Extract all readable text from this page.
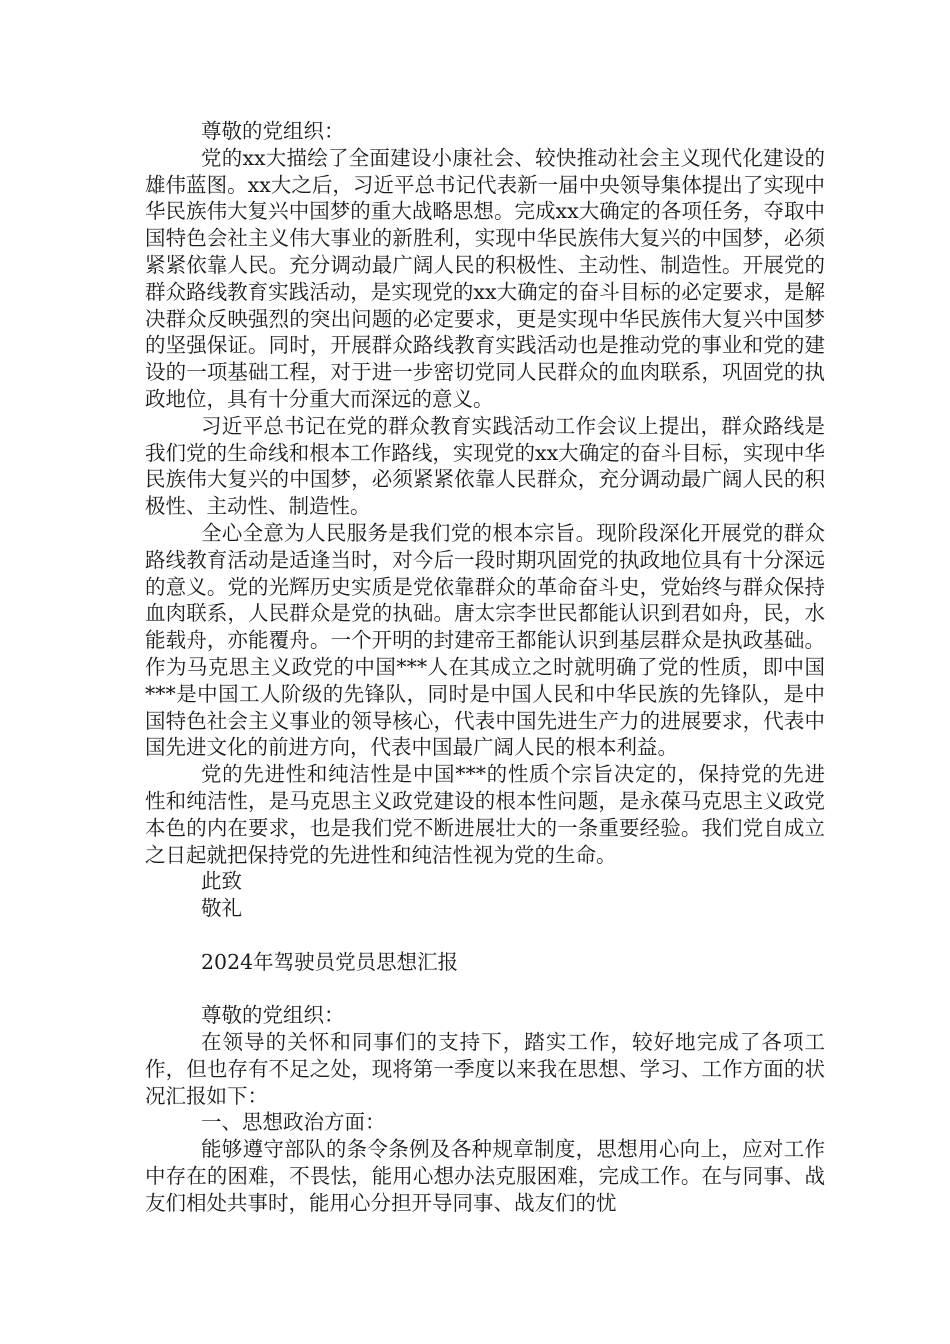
尊敬的党组织：

党的xx大描绘了全面建设小康社会、较快推动社会主义现代化建设的雄伟蓝图。xx大之后，习近平总书记代表新一届中央领导集体提出了实现中华民族伟大复兴中国梦的重大战略思想。完成xx大确定的各项任务，夺取中国特色会社主义伟大事业的新胜利，实现中华民族伟大复兴的中国梦，必须紧紧依靠人民。充分调动最广阔人民的积极性、主动性、制造性。开展党的群众路线教育实践活动，是实现党的xx大确定的奋斗目标的必定要求，是解决群众反映强烈的突出问题的必定要求，更是实现中华民族伟大复兴中国梦的坚强保证。同时，开展群众路线教育实践活动也是推动党的事业和党的建设的一项基础工程，对于进一步密切党同人民群众的血肉联系，巩固党的执政地位，具有十分重大而深远的意义。

习近平总书记在党的群众教育实践活动工作会议上提出，群众路线是我们党的生命线和根本工作路线，实现党的xx大确定的奋斗目标，实现中华民族伟大复兴的中国梦，必须紧紧依靠人民群众，充分调动最广阔人民的积极性、主动性、制造性。

全心全意为人民服务是我们党的根本宗旨。现阶段深化开展党的群众路线教育活动是适逢当时，对今后一段时期巩固党的执政地位具有十分深远的意义。党的光辉历史实质是党依靠群众的革命奋斗史，党始终与群众保持血肉联系，人民群众是党的执础。唐太宗李世民都能认识到君如舟，民，水能载舟，亦能覆舟。一个开明的封建帝王都能认识到基层群众是执政基础。作为马克思主义政党的中国***人在其成立之时就明确了党的性质，即中国***是中国工人阶级的先锋队，同时是中国人民和中华民族的先锋队，是中国特色社会主义事业的领导核心，代表中国先进生产力的进展要求，代表中国先进文化的前进方向，代表中国最广阔人民的根本利益。

党的先进性和纯洁性是中国***的性质个宗旨决定的，保持党的先进性和纯洁性，是马克思主义政党建设的根本性问题，是永葆马克思主义政党本色的内在要求，也是我们党不断进展壮大的一条重要经验。我们党自成立之日起就把保持党的先进性和纯洁性视为党的生命。

此致

敬礼

2024年驾驶员党员思想汇报

尊敬的党组织：

在领导的关怀和同事们的支持下，踏实工作，较好地完成了各项工作，但也存有不足之处，现将第一季度以来我在思想、学习、工作方面的状况汇报如下：

一、思想政治方面：

能够遵守部队的条令条例及各种规章制度，思想用心向上，应对工作中存在的困难，不畏怯，能用心想办法克服困难，完成工作。在与同事、战友们相处共事时，能用心分担开导同事、战友们的忧
